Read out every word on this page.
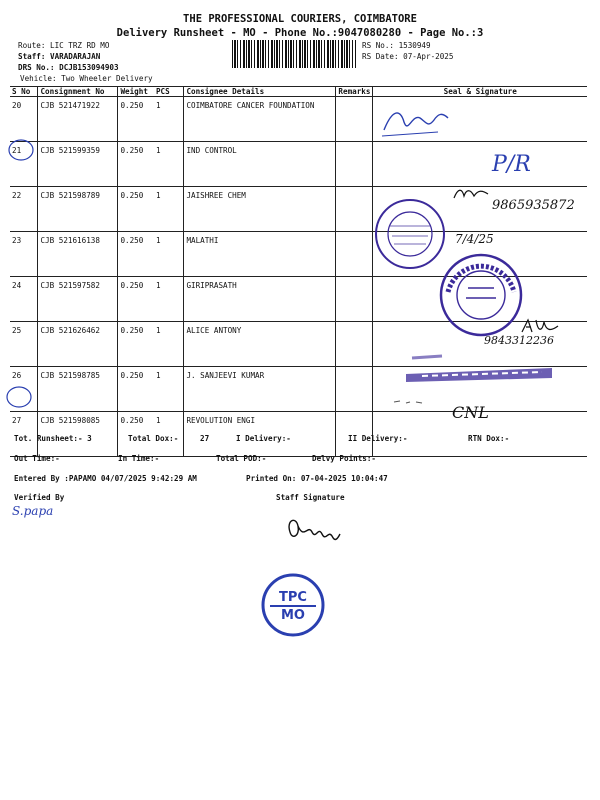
THE PROFESSIONAL COURIERS, COIMBATORE
Delivery Runsheet - MO - Phone No.:9047080280 - Page No.:3
Route: LIC TRZ RD MO
Staff: VARADARAJAN
DRS No.: DCJB153094903
Vehicle: Two Wheeler Delivery
RS No.: 1530949
RS Date: 07-Apr-2025
S No	Consignment No	Weight	PCS	Consignee Details	Remarks	Seal & Signature
20	CJB 521471922	0.250	1	COIMBATORE CANCER FOUNDATION		
21	CJB 521599359	0.250	1	IND CONTROL		
22	CJB 521598789	0.250	1	JAISHREE CHEM		
23	CJB 521616138	0.250	1	MALATHI		
24	CJB 521597582	0.250	1	GIRIPRASATH		
25	CJB 521626462	0.250	1	ALICE ANTONY		
26	CJB 521598785	0.250	1	J. SANJEEVI KUMAR		
27	CJB 521598085	0.250	1	REVOLUTION ENGI		
P/R
9865935872
7/4/25
9843312236
CNL
Tot. Runsheet:- 3	Total Dox:-	27	I Delivery:-	II Delivery:-	RTN Dox:-
Out Time:-	In Time:-	Total POD:-	Delvy Points:-
Entered By :PAPAMO 04/07/2025 9:42:29 AM	Printed On: 07-04-2025 10:04:47
Verified By	Staff Signature
S.papa
TPC
MO
